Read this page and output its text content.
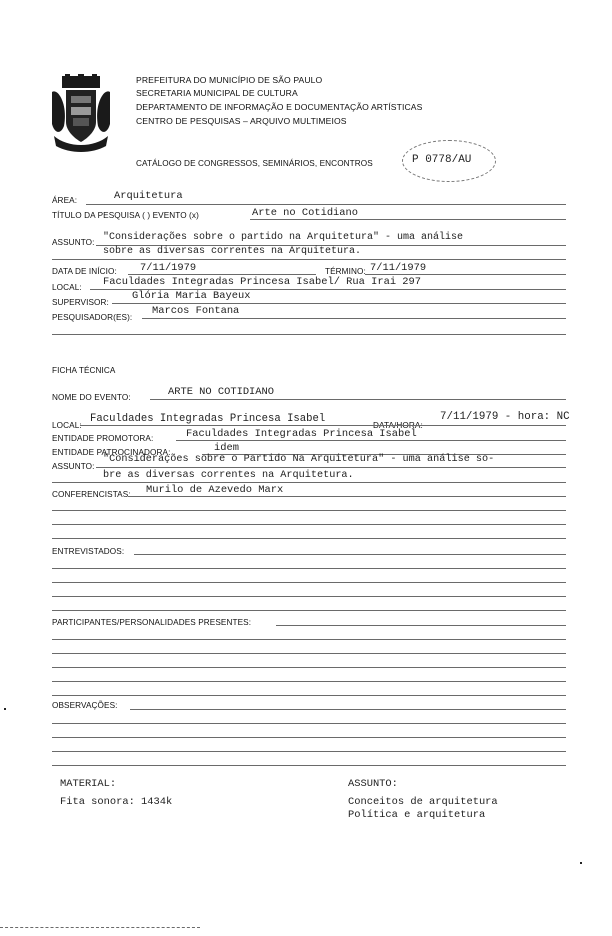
PREFEITURA DO MUNICÍPIO DE SÃO PAULO
SECRETARIA MUNICIPAL DE CULTURA
DEPARTAMENTO DE INFORMAÇÃO E DOCUMENTAÇÃO ARTÍSTICAS
CENTRO DE PESQUISAS – ARQUIVO MULTIMEIOS
CATÁLOGO DE CONGRESSOS, SEMINÁRIOS, ENCONTROS	P 0778/AU
ÁREA:	Arquitetura
TÍTULO DA PESQUISA ( ) EVENTO (x)	Arte no Cotidiano
ASSUNTO: "Considerações sobre o partido na Arquitetura" - uma análise
sobre as diversas correntes na Arquitetura.
DATA DE INÍCIO: 7/11/1979	TÉRMINO: 7/11/1979
LOCAL: Faculdades Integradas Princesa Isabel/ Rua Irai 297
SUPERVISOR:
Glória Maria Bayeux
PESQUISADOR(ES):
Marcos Fontana
FICHA TÉCNICA
NOME DO EVENTO:	ARTE NO COTIDIANO
LOCAL:
Faculdades Integradas Princesa Isabel
DATA/HORA:
7/11/1979 - hora: NC
ENTIDADE PROMOTORA:	Faculdades Integradas Princesa Isabel
ENTIDADE PATROCINADORA:	idem
ASSUNTO:
"Considerações sobre o Partido Na Arquitetura" - uma análise so-
bre as diversas correntes na Arquitetura.
CONFERENCISTAS: Murilo de Azevedo Marx
ENTREVISTADOS:
PARTICIPANTES/PERSONALIDADES PRESENTES:
OBSERVAÇÕES:
MATERIAL:
Fita sonora: 1434k
ASSUNTO:
Conceitos de arquitetura
Política e arquitetura
